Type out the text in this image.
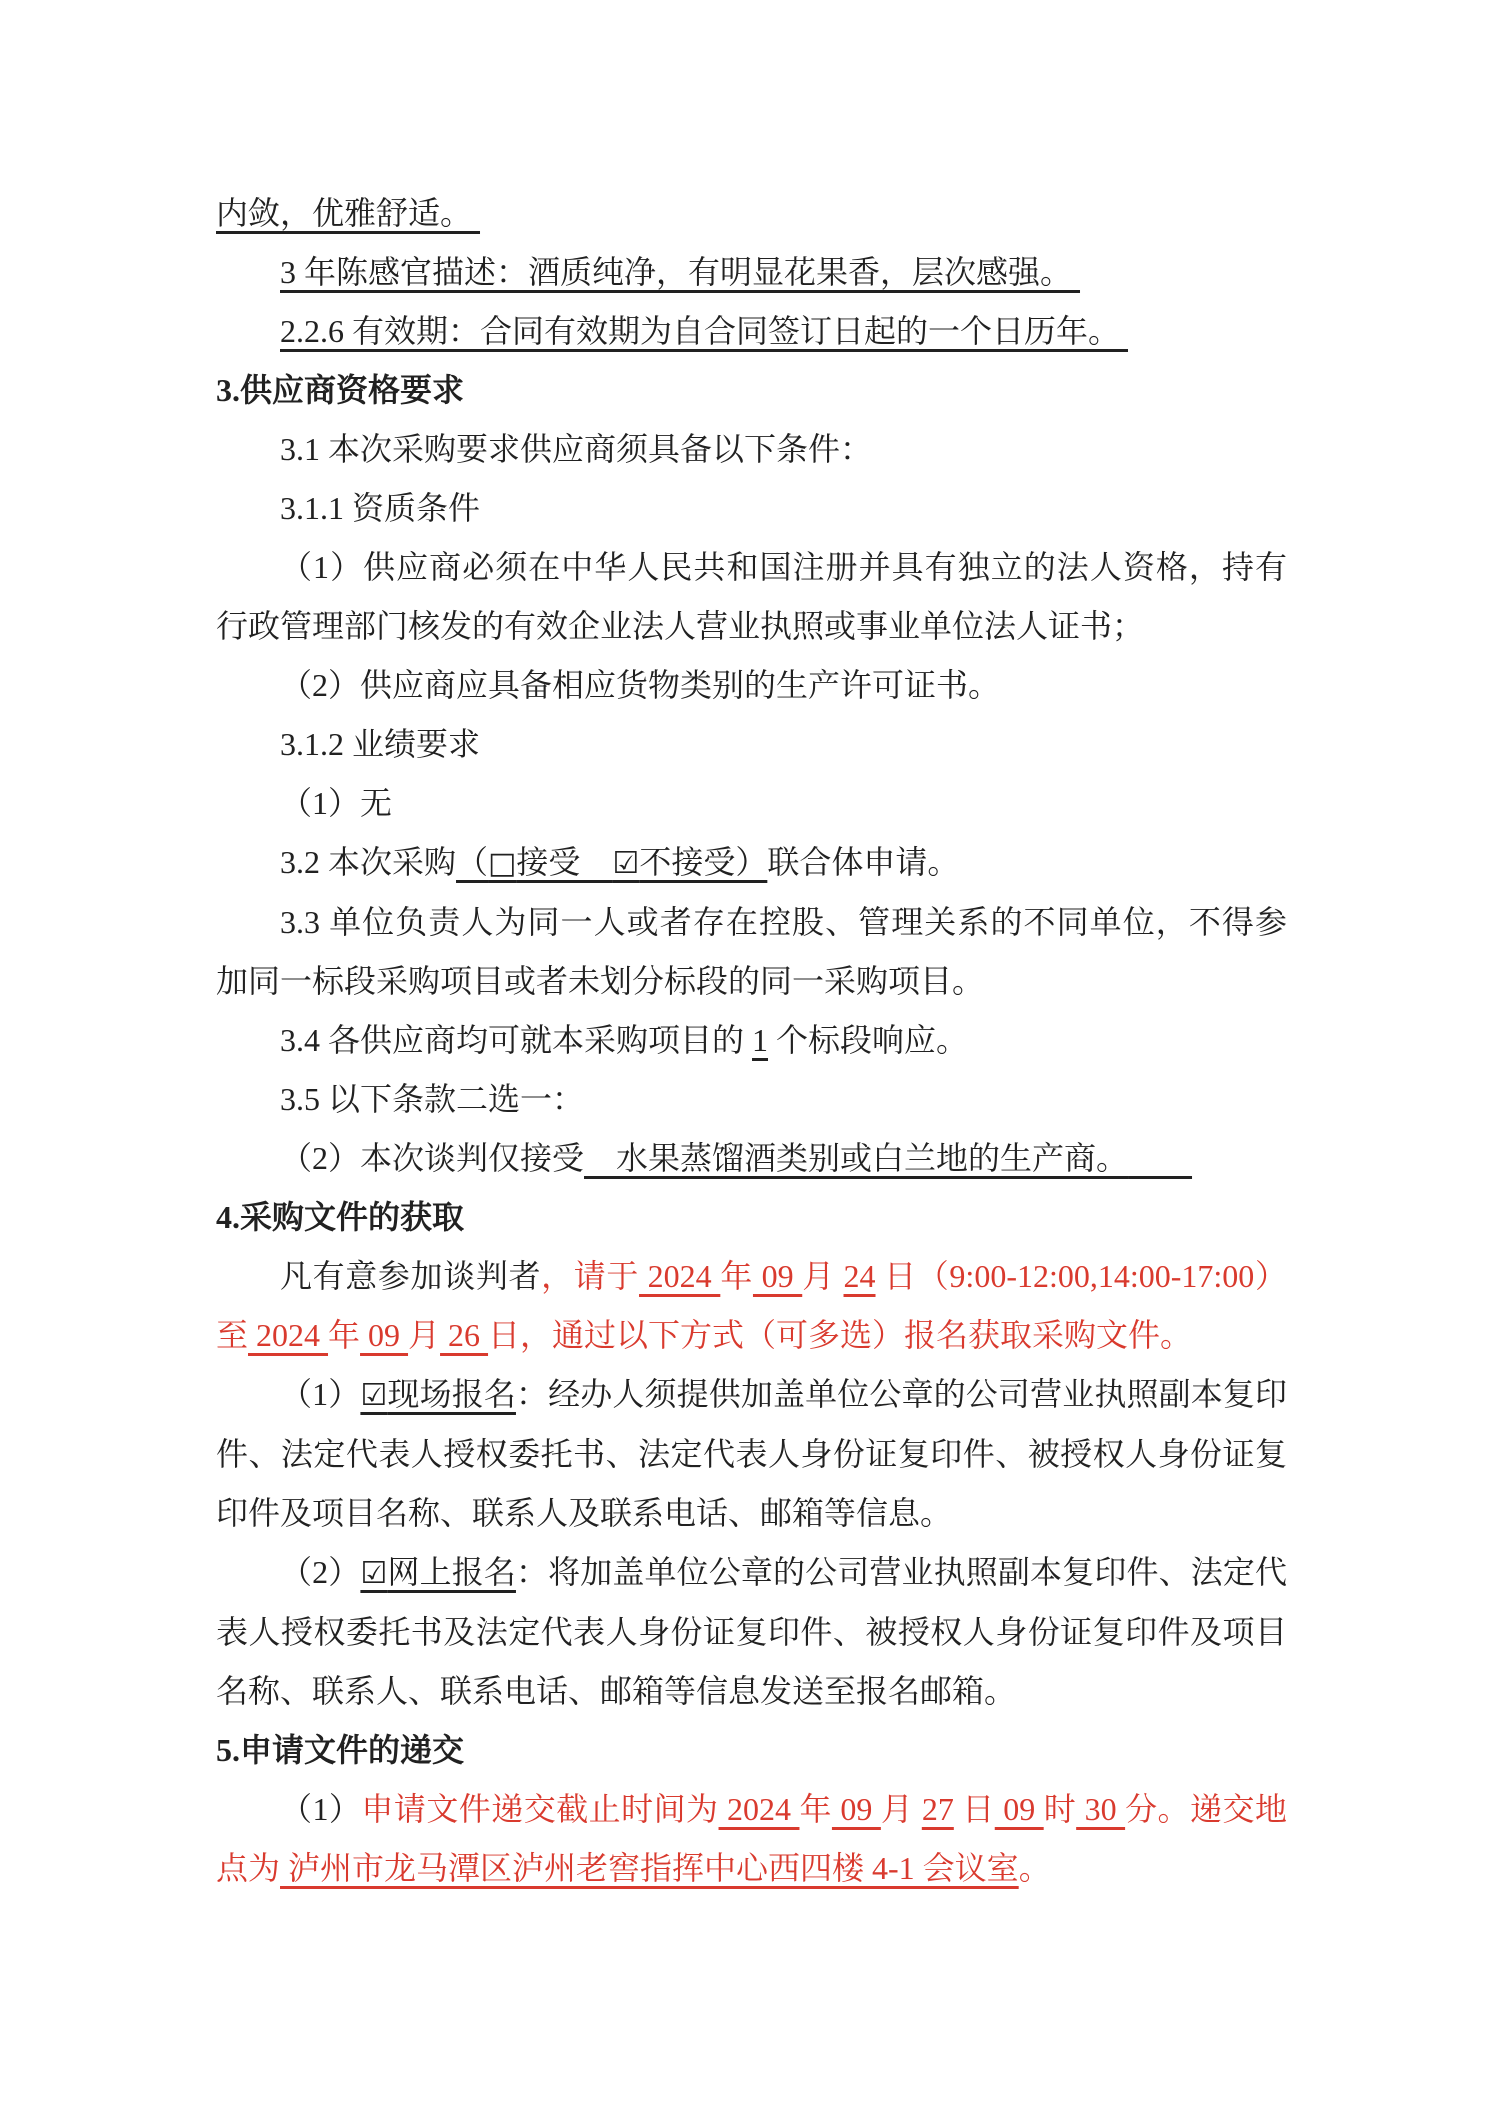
内敛，优雅舒适。

3 年陈感官描述：酒质纯净，有明显花果香，层次感强。

2.2.6 有效期：合同有效期为自合同签订日起的一个日历年。

3.供应商资格要求

3.1 本次采购要求供应商须具备以下条件：

3.1.1 资质条件

（1）供应商必须在中华人民共和国注册并具有独立的法人资格，持有行政管理部门核发的有效企业法人营业执照或事业单位法人证书；

（2）供应商应具备相应货物类别的生产许可证书。

3.1.2 业绩要求

（1）无

3.2 本次采购（□接受　☑不接受）联合体申请。

3.3 单位负责人为同一人或者存在控股、管理关系的不同单位，不得参加同一标段采购项目或者未划分标段的同一采购项目。

3.4 各供应商均可就本采购项目的 1 个标段响应。

3.5 以下条款二选一：

（2）本次谈判仅接受　水果蒸馏酒类别或白兰地的生产商。

4.采购文件的获取

凡有意参加谈判者，请于 2024 年 09 月 24 日（9:00-12:00,14:00-17:00）至 2024 年 09 月 26 日，通过以下方式（可多选）报名获取采购文件。

（1）☑现场报名：经办人须提供加盖单位公章的公司营业执照副本复印件、法定代表人授权委托书、法定代表人身份证复印件、被授权人身份证复印件及项目名称、联系人及联系电话、邮箱等信息。

（2）☑网上报名：将加盖单位公章的公司营业执照副本复印件、法定代表人授权委托书及法定代表人身份证复印件、被授权人身份证复印件及项目名称、联系人、联系电话、邮箱等信息发送至报名邮箱。

5.申请文件的递交

（1）申请文件递交截止时间为 2024 年 09 月 27 日 09 时 30 分。递交地点为 泸州市龙马潭区泸州老窖指挥中心西四楼 4-1 会议室。
